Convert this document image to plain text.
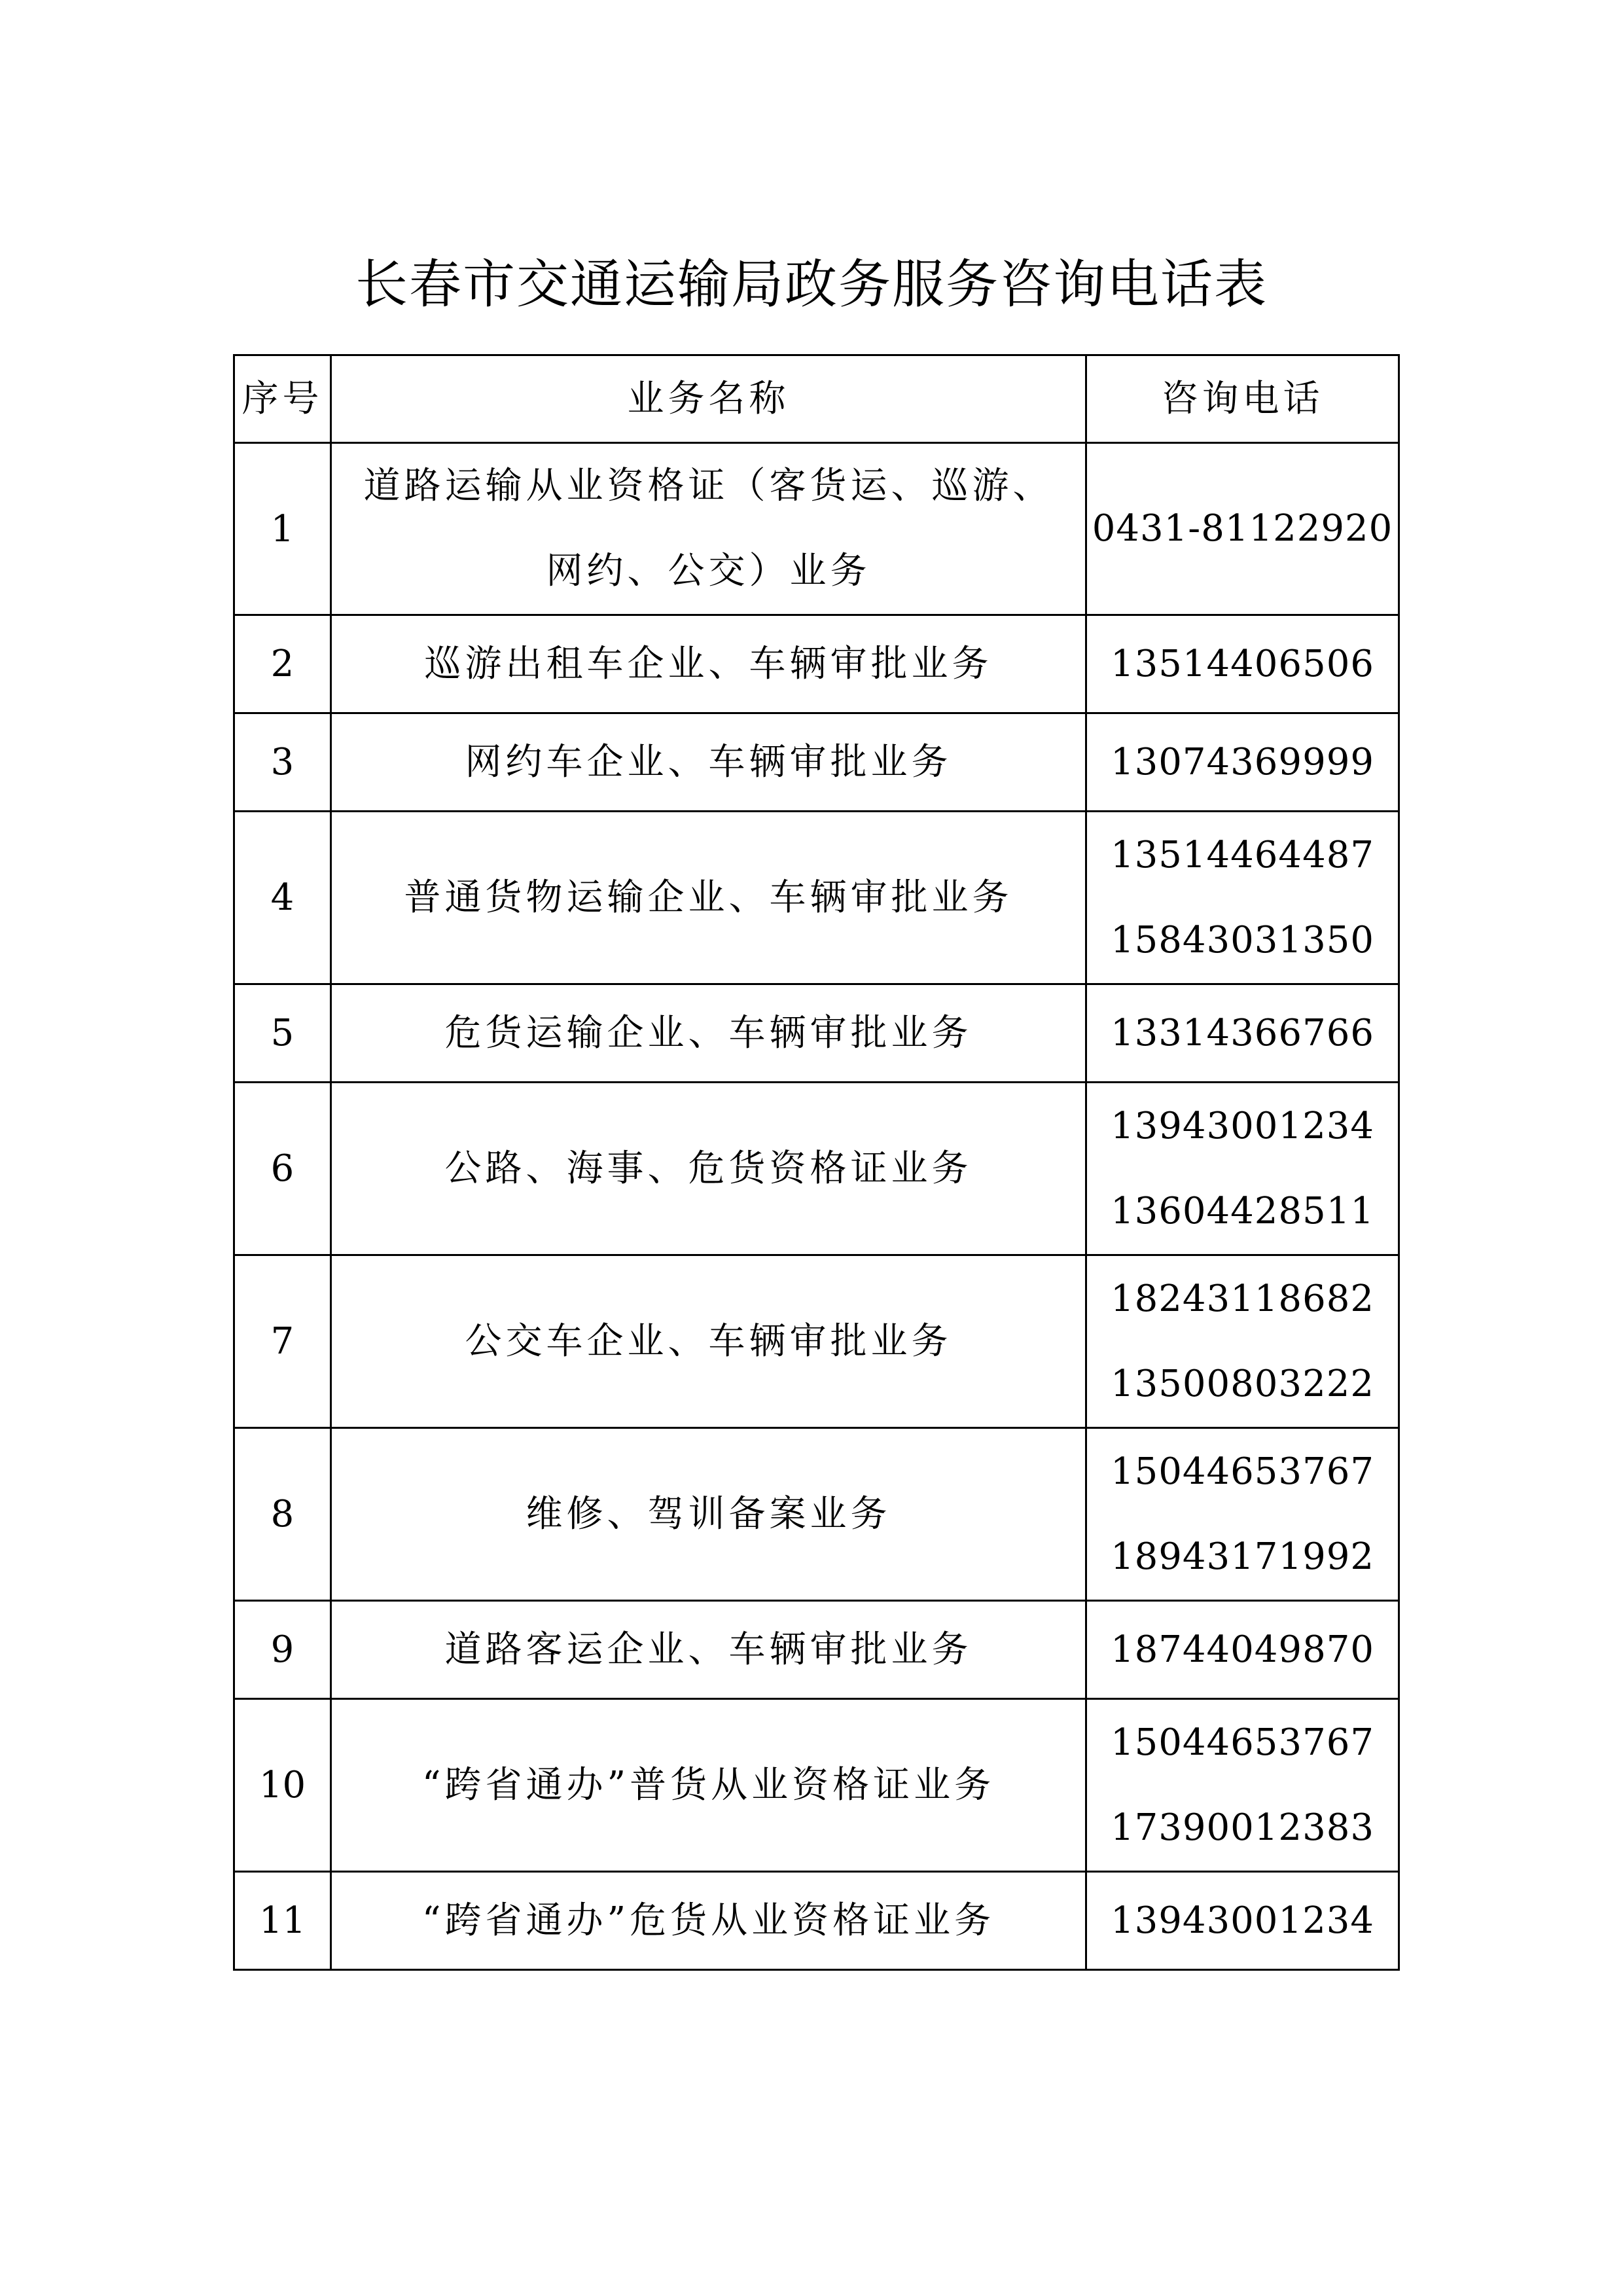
长春市交通运输局政务服务咨询电话表
序号	业务名称	咨询电话
1	道路运输从业资格证（客货运、巡游、
网约、公交）业务	0431-81122920

2	巡游出租车企业、车辆审批业务	13514406506

3	网约车企业、车辆审批业务	13074369999

4	普通货物运输企业、车辆审批业务	13514464487
15843031350

5	危货运输企业、车辆审批业务	13314366766

6	公路、海事、危货资格证业务	13943001234
13604428511

7	公交车企业、车辆审批业务	18243118682
13500803222

8	维修、驾训备案业务	15044653767
18943171992

9	道路客运企业、车辆审批业务	18744049870

10	“跨省通办”普货从业资格证业务	15044653767
17390012383

11	“跨省通办”危货从业资格证业务	13943001234
